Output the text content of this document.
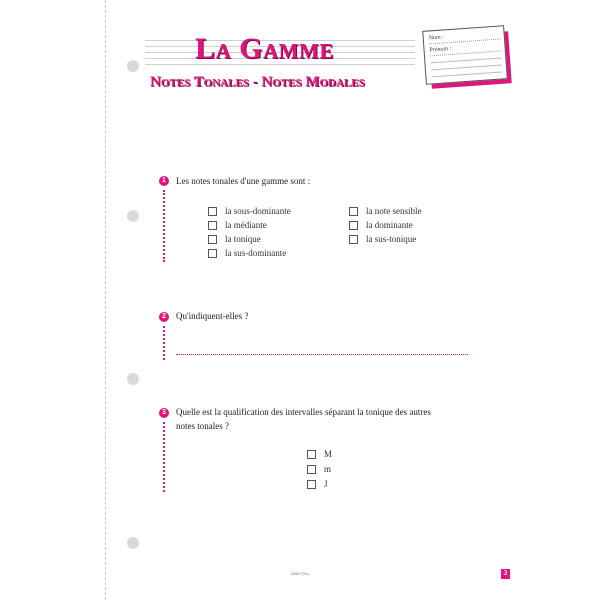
La Gamme
Notes Tonales - Notes Modales
Nom :
Prénom :
1	Les notes tonales d'une gamme sont :
la sous-dominante
la médiante
la tonique
la sus-dominante
la note sensible
la dominante
la sus-tonique
2	Qu'indiquent-elles ?
3	Quelle est la qualification des intervalles séparant la tonique des autres
notes tonales ?
M
m
J
24677 B.L.	3
